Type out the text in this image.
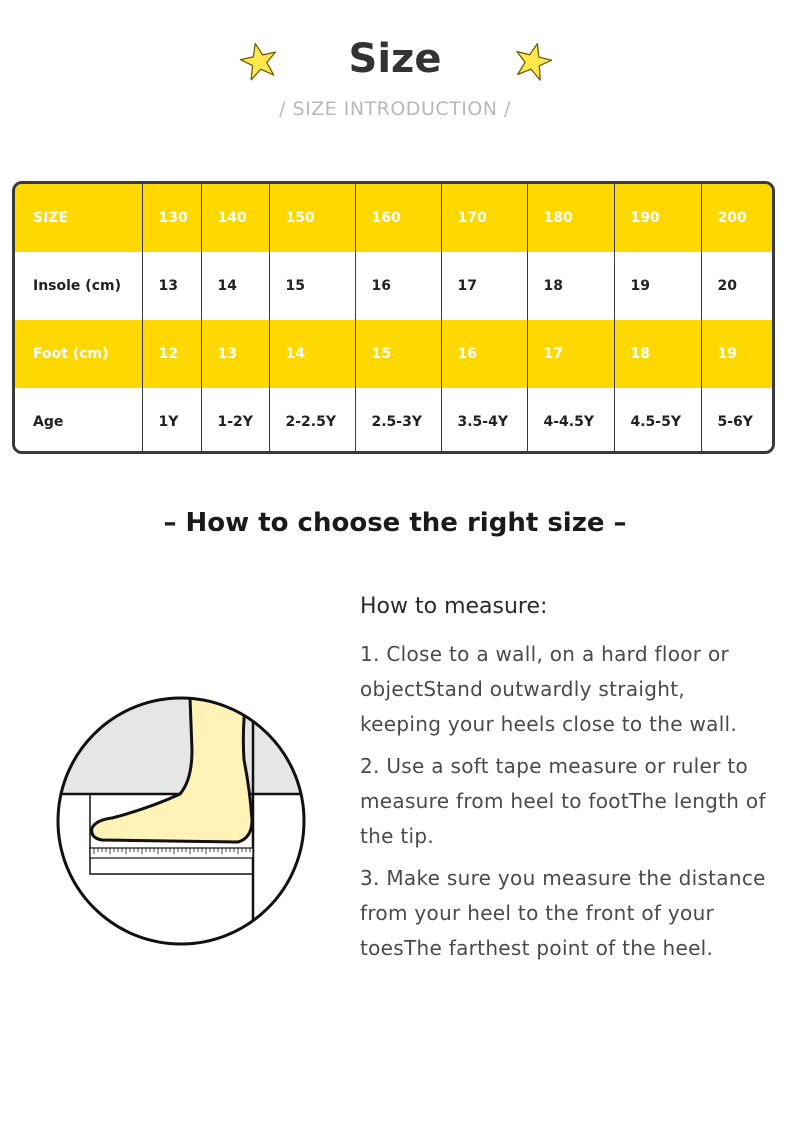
Size
/ SIZE INTRODUCTION /
SIZE	130	140	150	160	170	180	190	200
Insole (cm)	13	14	15	16	17	18	19	20
Foot (cm)	12	13	14	15	16	17	18	19
Age	1Y	1-2Y	2-2.5Y	2.5-3Y	3.5-4Y	4-4.5Y	4.5-5Y	5-6Y
– How to choose the right size –
How to measure:
1. Close to a wall, on a hard floor or objectStand outwardly straight, keeping your heels close to the wall.
2. Use a soft tape measure or ruler to measure from heel to footThe length of the tip.
3. Make sure you measure the distance from your heel to the front of your toesThe farthest point of the heel.
